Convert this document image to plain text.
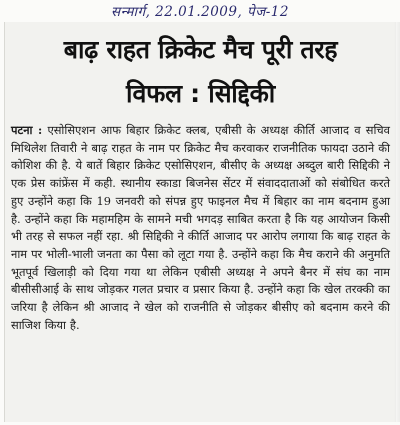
सन्मार्ग, 22.01.2009, पेज-12
बाढ़ राहत क्रिकेट मैच पूरी तरह
विफल : सिद्दिकी

पटना : एसोसिएशन आफ बिहार क्रिकेट क्लब, एबीसी के अध्यक्ष कीर्ति आजाद व सचिव मिथिलेश तिवारी ने बाढ़ राहत के नाम पर क्रिकेट मैच करवाकर राजनीतिक फायदा उठाने की कोशिश की है. ये बातें बिहार क्रिकेट एसोसिएशन, बीसीए के अध्यक्ष अब्दुल बारी सिद्दिकी ने एक प्रेस कांफ्रेंस में कही. स्थानीय स्काडा बिजनेस सेंटर में संवाददाताओं को संबोधित करते हुए उन्होंने कहा कि 19 जनवरी को संपन्न हुए फाइनल मैच में बिहार का नाम बदनाम हुआ है. उन्होंने कहा कि महामहिम के सामने मची भगदड़ साबित करता है कि यह आयोजन किसी भी तरह से सफल नहीं रहा. श्री सिद्दिकी ने कीर्ति आजाद पर आरोप लगाया कि बाढ़ राहत के नाम पर भोली-भाली जनता का पैसा को लूटा गया है. उन्होंने कहा कि मैच कराने की अनुमति भूतपूर्व खिलाड़ी को दिया गया था लेकिन एबीसी अध्यक्ष ने अपने बैनर में संघ का नाम बीसीसीआई के साथ जोड़कर गलत प्रचार व प्रसार किया है. उन्होंने कहा कि खेल तरक्की का जरिया है लेकिन श्री आजाद ने खेल को राजनीति से जोड़कर बीसीए को बदनाम करने की साजिश किया है.
